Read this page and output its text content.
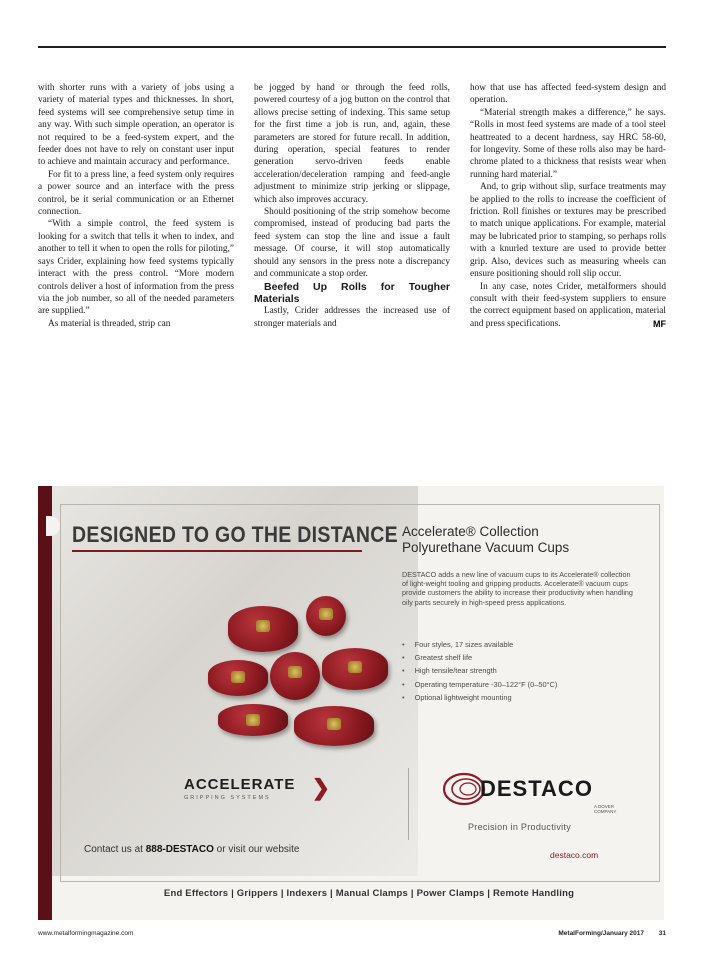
with shorter runs with a variety of jobs using a variety of material types and thicknesses. In short, feed systems will see comprehensive setup time in any way. With such simple operation, an operator is not required to be a feed-system expert, and the feeder does not have to rely on constant user input to achieve and maintain accuracy and performance.

For fit to a press line, a feed system only requires a power source and an interface with the press control, be it serial communication or an Ethernet connection.

“With a simple control, the feed system is looking for a switch that tells it when to index, and another to tell it when to open the rolls for piloting,” says Crider, explaining how feed systems typically interact with the press control. “More modern controls deliver a host of information from the press via the job number, so all of the needed parameters are supplied.”

As material is threaded, strip can

be jogged by hand or through the feed rolls, powered courtesy of a jog button on the control that allows precise setting of indexing. This same setup for the first time a job is run, and, again, these parameters are stored for future recall. In addition, during operation, special features to render generation servo-driven feeds enable acceleration/deceleration ramping and feed-angle adjustment to minimize strip jerking or slippage, which also improves accuracy.

Should positioning of the strip somehow become compromised, instead of producing bad parts the feed system can stop the line and issue a fault message. Of course, it will stop automatically should any sensors in the press note a discrepancy and communicate a stop order.

Beefed Up Rolls for Tougher Materials

Lastly, Crider addresses the increased use of stronger materials and

how that use has affected feed-system design and operation.

“Material strength makes a difference,” he says. “Rolls in most feed systems are made of a tool steel heattreated to a decent hardness, say HRC 58-60, for longevity. Some of these rolls also may be hard-chrome plated to a thickness that resists wear when running hard material.”

And, to grip without slip, surface treatments may be applied to the rolls to increase the coefficient of friction. Roll finishes or textures may be prescribed to match unique applications. For example, material may be lubricated prior to stamping, so perhaps rolls with a knurled texture are used to provide better grip. Also, devices such as measuring wheels can ensure positioning should roll slip occur.

In any case, notes Crider, metalformers should consult with their feed-system suppliers to ensure the correct equipment based on application, material and press specifications.	MF

DESIGNED TO GO THE DISTANCE
ACCELERATE
GRIPPING SYSTEMS	❯
Contact us at 888-DESTACO or visit our website
Accelerate® Collection
Polyurethane Vacuum Cups
DESTACO adds a new line of vacuum cups to its Accelerate® collection of light-weight tooling and gripping products. Accelerate® vacuum cups provide customers the ability to increase their productivity when handling oily parts securely in high-speed press applications.
• Four styles, 17 sizes available
• Greatest shelf life
• High tensile/tear strength
• Operating temperature -30–122°F (0–50°C)
• Optional lightweight mounting
DESTACO
A DOVER COMPANY
Precision in Productivity
destaco.com
End Effectors | Grippers | Indexers | Manual Clamps | Power Clamps | Remote Handling
www.metalformingmagazine.com	MetalForming/January 2017 31
